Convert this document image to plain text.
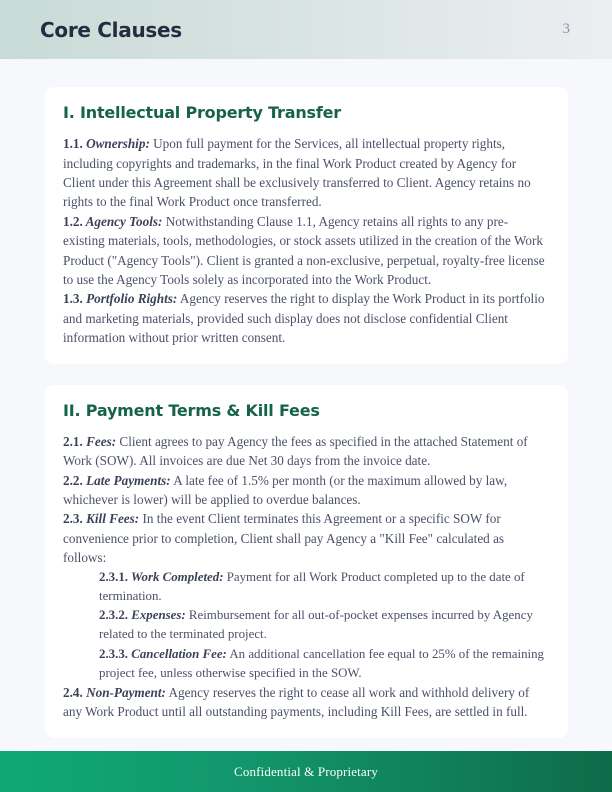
Core Clauses	3
I. Intellectual Property Transfer

1.1. Ownership: Upon full payment for the Services, all intellectual property rights, including copyrights and trademarks, in the final Work Product created by Agency for Client under this Agreement shall be exclusively transferred to Client. Agency retains no rights to the final Work Product once transferred.

1.2. Agency Tools: Notwithstanding Clause 1.1, Agency retains all rights to any pre-existing materials, tools, methodologies, or stock assets utilized in the creation of the Work Product ("Agency Tools"). Client is granted a non-exclusive, perpetual, royalty-free license to use the Agency Tools solely as incorporated into the Work Product.

1.3. Portfolio Rights: Agency reserves the right to display the Work Product in its portfolio and marketing materials, provided such display does not disclose confidential Client information without prior written consent.

II. Payment Terms & Kill Fees

2.1. Fees: Client agrees to pay Agency the fees as specified in the attached Statement of Work (SOW). All invoices are due Net 30 days from the invoice date.

2.2. Late Payments: A late fee of 1.5% per month (or the maximum allowed by law, whichever is lower) will be applied to overdue balances.

2.3. Kill Fees: In the event Client terminates this Agreement or a specific SOW for convenience prior to completion, Client shall pay Agency a "Kill Fee" calculated as follows:

2.3.1. Work Completed: Payment for all Work Product completed up to the date of termination.

2.3.2. Expenses: Reimbursement for all out-of-pocket expenses incurred by Agency related to the terminated project.

2.3.3. Cancellation Fee: An additional cancellation fee equal to 25% of the remaining project fee, unless otherwise specified in the SOW.

2.4. Non-Payment: Agency reserves the right to cease all work and withhold delivery of any Work Product until all outstanding payments, including Kill Fees, are settled in full.

Confidential & Proprietary
